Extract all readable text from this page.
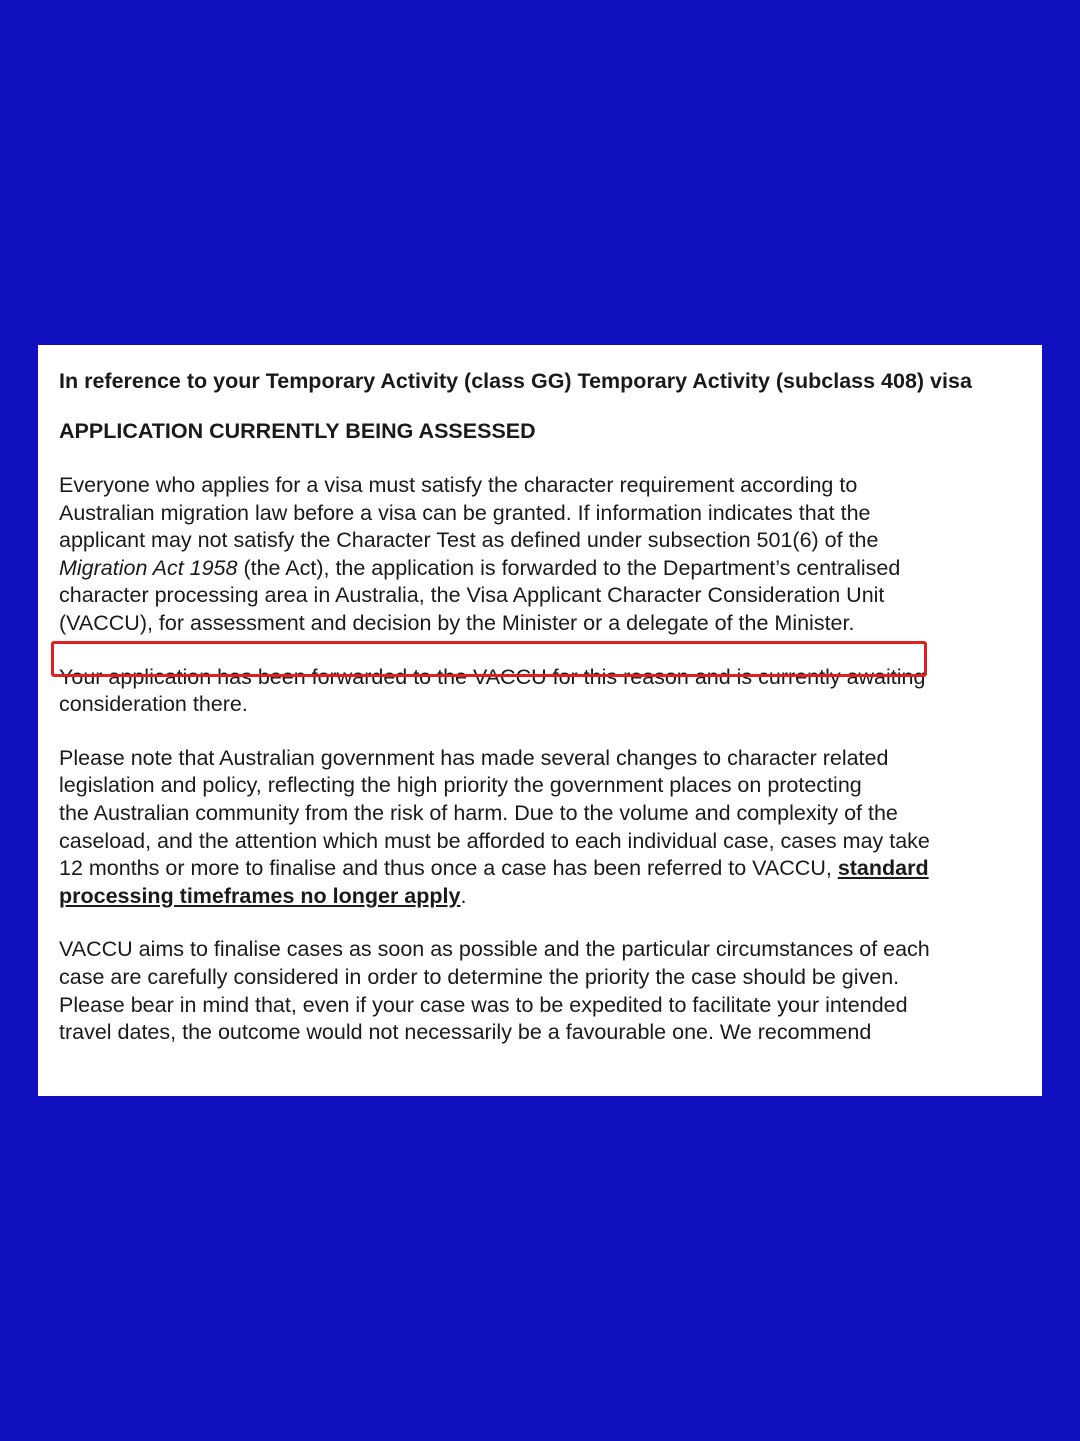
In reference to your Temporary Activity (class GG) Temporary Activity (subclass 408) visa
APPLICATION CURRENTLY BEING ASSESSED
Everyone who applies for a visa must satisfy the character requirement according to
Australian migration law before a visa can be granted. If information indicates that the
applicant may not satisfy the Character Test as defined under subsection 501(6) of the
Migration Act 1958 (the Act), the application is forwarded to the Department’s centralised
character processing area in Australia, the Visa Applicant Character Consideration Unit
(VACCU), for assessment and decision by the Minister or a delegate of the Minister.
Your application has been forwarded to the VACCU for this reason and is currently awaiting
consideration there.
Please note that Australian government has made several changes to character related
legislation and policy, reflecting the high priority the government places on protecting
the Australian community from the risk of harm. Due to the volume and complexity of the
caseload, and the attention which must be afforded to each individual case, cases may take
12 months or more to finalise and thus once a case has been referred to VACCU, standard
processing timeframes no longer apply.
VACCU aims to finalise cases as soon as possible and the particular circumstances of each
case are carefully considered in order to determine the priority the case should be given.
Please bear in mind that, even if your case was to be expedited to facilitate your intended
travel dates, the outcome would not necessarily be a favourable one. We recommend
